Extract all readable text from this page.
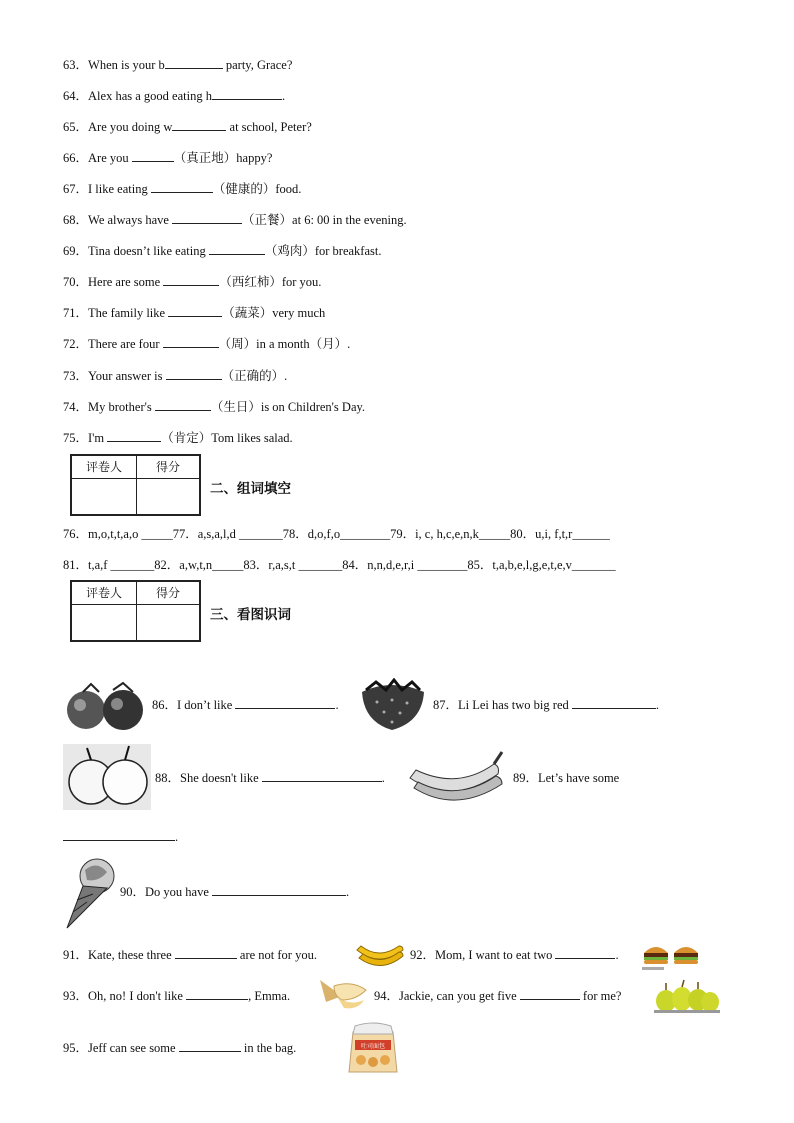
63．When is your b	party, Grace?
64．Alex has a good eating h	.
65．Are you doing w	at school, Peter?
66．Are you	（真正地）happy?
67．I like eating	（健康的）food.
68．We always have	（正餐）at 6: 00 in the evening.
69．Tina doesn’t like eating	（鸡肉）for breakfast.
70．Here are some	（西红柿）for you.
71．The family like	（蔬菜）very much
72．There are four	（周）in a month（月）.
73．Your answer is	（正确的）.
74．My brother's	（生日）is on Children's Day.
75．I'm	（肯定）Tom likes salad.
评卷人	得分
二、组词填空
76．m,o,t,t,a,o _____77．a,s,a,l,d _______78．d,o,f,o________79．i, c, h,c,e,n,k_____80．u,i, f,t,r______
81．t,a,f _______82．a,w,t,n_____83．r,a,s,t _______84．n,n,d,e,r,i ________85．t,a,b,e,l,g,e,t,e,v_______
评卷人	得分
三、看图识词
86．I don’t like	.	87．Li Lei has two big red	.
88．She doesn't like	.	89．Let’s have some
.
90．Do you have	.
91．Kate, these three	are not for you.	92．Mom, I want to eat two	.
93．Oh, no! I don't like	, Emma.	94．Jackie, can you get five	for me?
95．Jeff can see some	in the bag.	吐司面包
